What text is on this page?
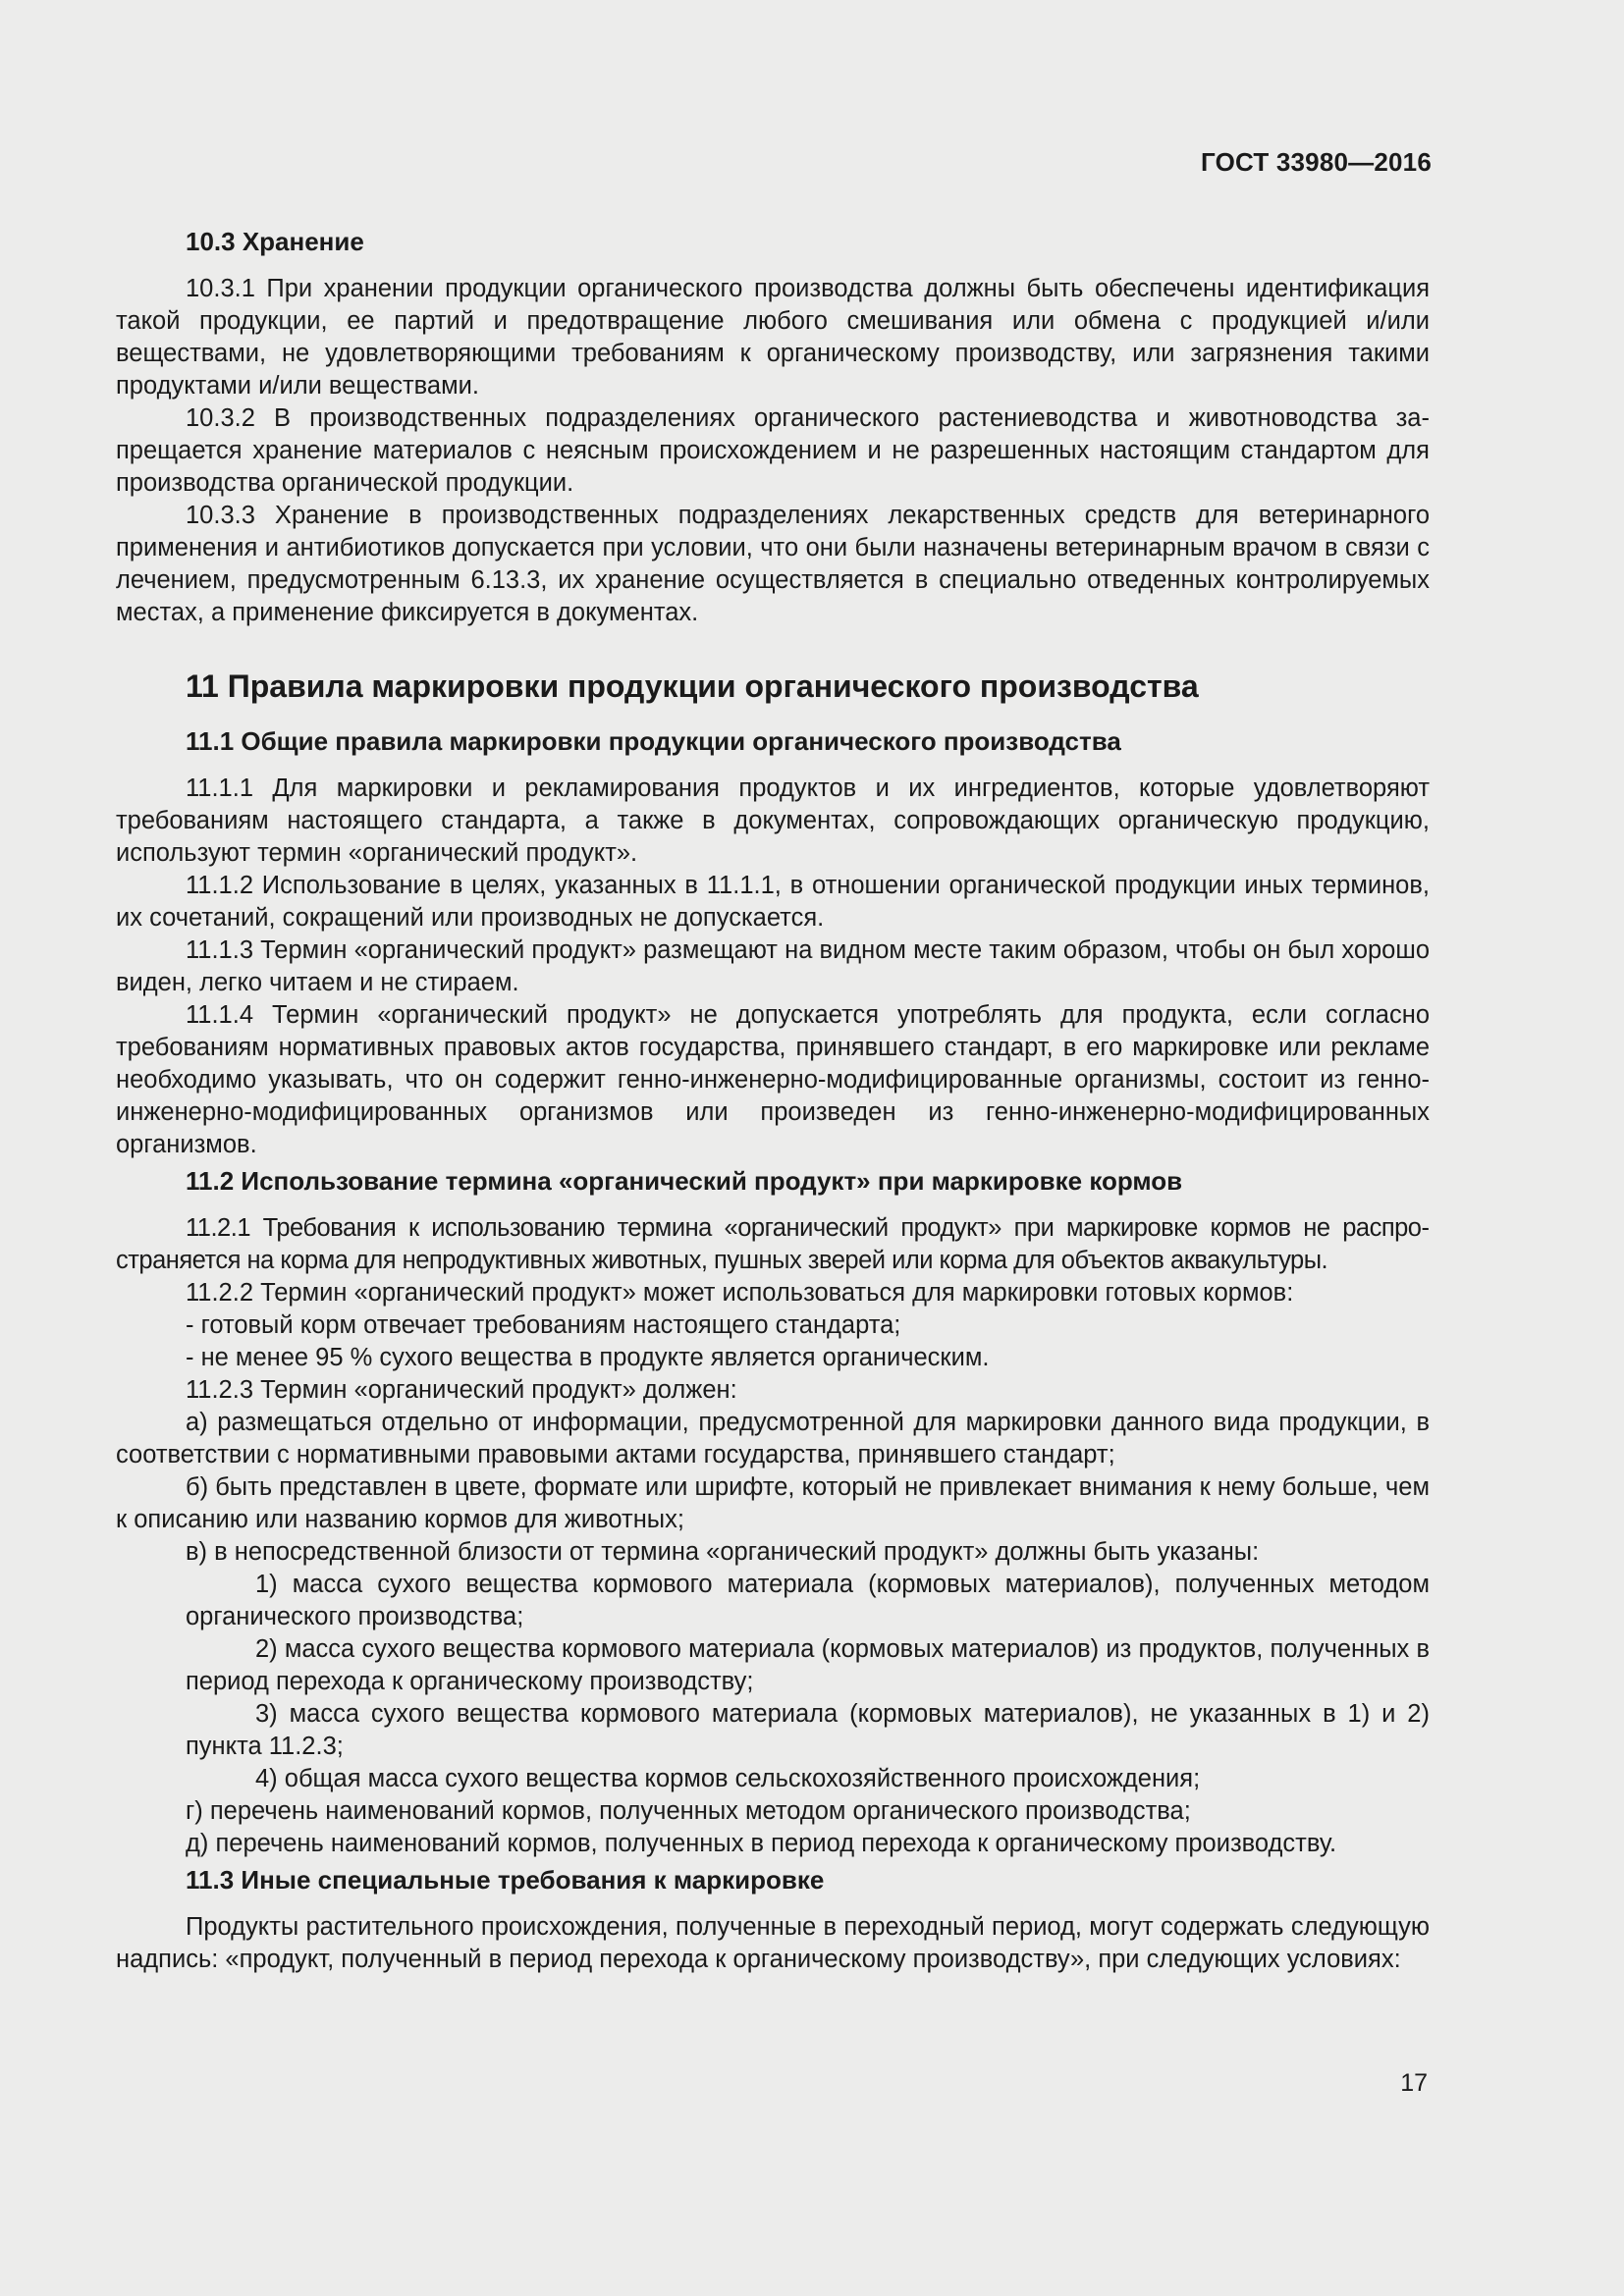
ГОСТ 33980—2016
10.3 Хранение

10.3.1 При хранении продукции органического производства должны быть обеспечены идентификация такой продукции, ее партий и предотвращение любого смешивания или обмена с продукцией и/или веществами, не удовлетворяющими требованиям к органическому производству, или загрязнения такими продуктами и/или веществами.

10.3.2 В производственных подразделениях органического растениеводства и животноводства запрещается хранение материалов с неясным происхождением и не разрешенных настоящим стандартом для производства органической продукции.

10.3.3 Хранение в производственных подразделениях лекарственных средств для ветеринарного применения и антибиотиков допускается при условии, что они были назначены ветеринарным врачом в связи с лечением, предусмотренным 6.13.3, их хранение осуществляется в специально отведенных контролируемых местах, а применение фиксируется в документах.

11 Правила маркировки продукции органического производства
11.1 Общие правила маркировки продукции органического производства

11.1.1 Для маркировки и рекламирования продуктов и их ингредиентов, которые удовлетворяют требованиям настоящего стандарта, а также в документах, сопровождающих органическую продукцию, используют термин «органический продукт».

11.1.2 Использование в целях, указанных в 11.1.1, в отношении органической продукции иных терминов, их сочетаний, сокращений или производных не допускается.

11.1.3 Термин «органический продукт» размещают на видном месте таким образом, чтобы он был хорошо виден, легко читаем и не стираем.

11.1.4 Термин «органический продукт» не допускается употреблять для продукта, если согласно требованиям нормативных правовых актов государства, принявшего стандарт, в его маркировке или рекламе необходимо указывать, что он содержит генно-инженерно-модифицированные организмы, состоит из генно-инженерно-модифицированных организмов или произведен из генно-инженерно-модифицированных организмов.

11.2 Использование термина «органический продукт» при маркировке кормов

11.2.1 Требования к использованию термина «органический продукт» при маркировке кормов не распространяется на корма для непродуктивных животных, пушных зверей или корма для объектов аквакультуры.

11.2.2 Термин «органический продукт» может использоваться для маркировки готовых кормов:

- готовый корм отвечает требованиям настоящего стандарта;

- не менее 95 % сухого вещества в продукте является органическим.

11.2.3 Термин «органический продукт» должен:

а) размещаться отдельно от информации, предусмотренной для маркировки данного вида продукции, в соответствии с нормативными правовыми актами государства, принявшего стандарт;

б) быть представлен в цвете, формате или шрифте, который не привлекает внимания к нему больше, чем к описанию или названию кормов для животных;

в) в непосредственной близости от термина «органический продукт» должны быть указаны:

1) масса сухого вещества кормового материала (кормовых материалов), полученных методом органического производства;

2) масса сухого вещества кормового материала (кормовых материалов) из продуктов, полученных в период перехода к органическому производству;

3) масса сухого вещества кормового материала (кормовых материалов), не указанных в 1) и 2) пункта 11.2.3;

4) общая масса сухого вещества кормов сельскохозяйственного происхождения;

г) перечень наименований кормов, полученных методом органического производства;

д) перечень наименований кормов, полученных в период перехода к органическому производству.

11.3 Иные специальные требования к маркировке

Продукты растительного происхождения, полученные в переходный период, могут содержать следующую надпись: «продукт, полученный в период перехода к органическому производству», при следующих условиях:

17
